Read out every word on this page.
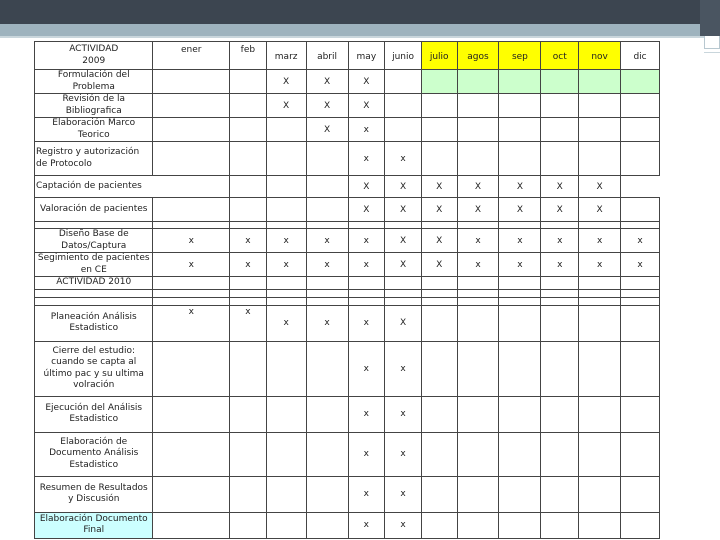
ACTIVIDAD
2009	ener	feb	marz	abril	may	junio	julio	agos	sep	oct	nov	dic
Formulación del Problema			X	X	X							
Revisión de la Bibliografica			X	X	X							
Elaboración Marco Teorico				X	x							
Registro y autorización de Protocolo					x	x						
Captación de pacientes					X	X	X	X	X	X	X	
Valoración de pacientes					X	X	X	X	X	X	X	

Diseño Base de Datos/Captura	x	x	x	x	x	X	X	x	x	x	x	x
Segimiento de pacientes en CE	x	x	x	x	x	X	X	x	x	x	x	x
ACTIVIDAD 2010												

Planeación Análisis Estadistico	x	x	x	x	x	X						
Cierre del estudio: cuando se capta al último pac y su ultima volración					x	x						
Ejecución del Análisis Estadistico					x	x						
Elaboración de Documento Análisis Estadistico					x	x						
Resumen de Resultados y Discusión					x	x						
Elaboración Documento Final					x	x						
